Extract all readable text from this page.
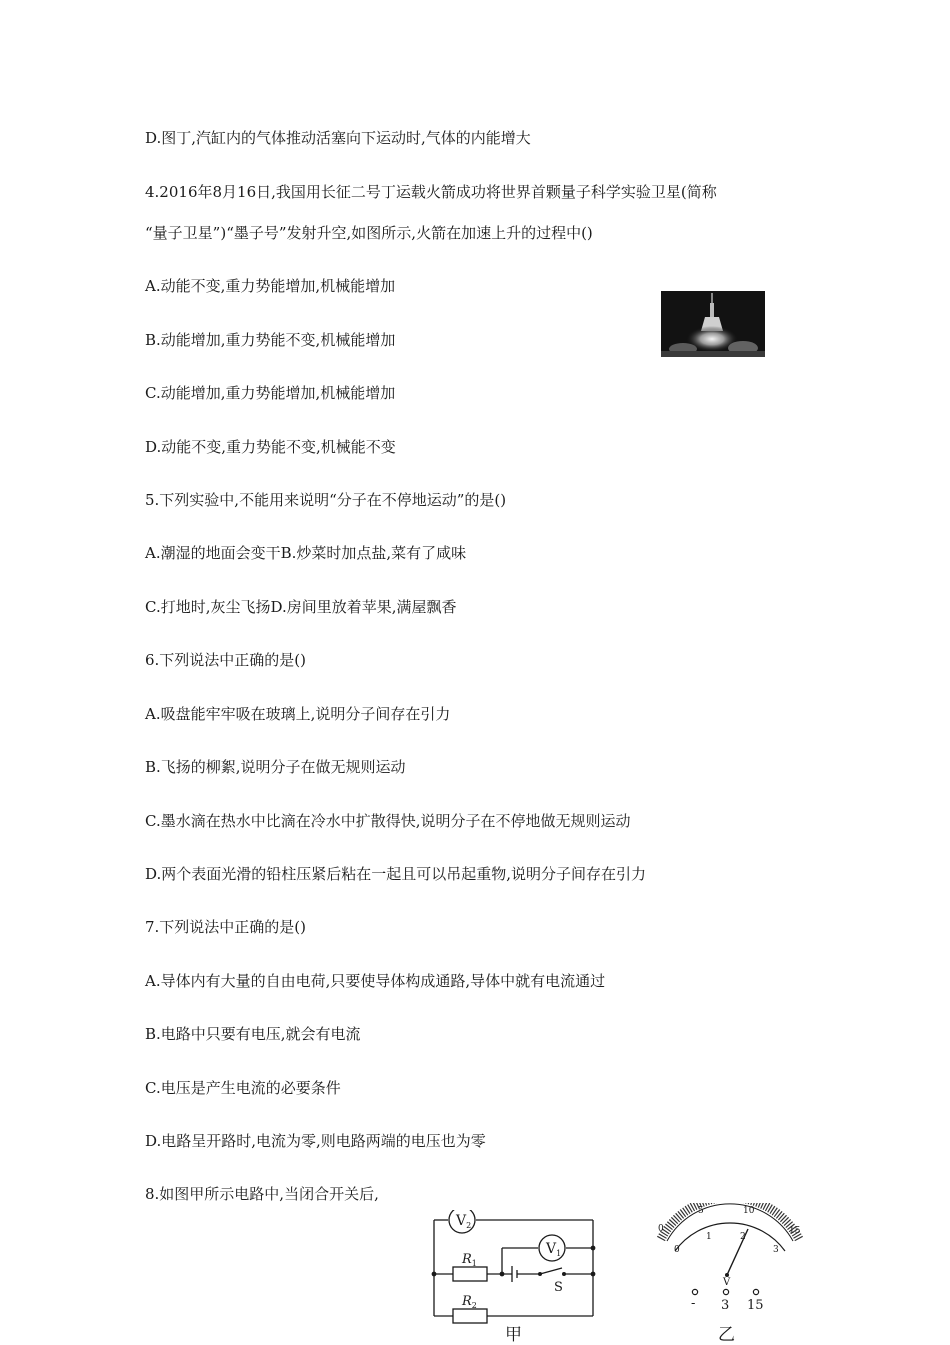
D.图丁,汽缸内的气体推动活塞向下运动时,气体的内能增大
4.2016年8月16日,我国用长征二号丁运载火箭成功将世界首颗量子科学实验卫星(简称
“量子卫星”)“墨子号”发射升空,如图所示,火箭在加速上升的过程中()
A.动能不变,重力势能增加,机械能增加
B.动能增加,重力势能不变,机械能增加
C.动能增加,重力势能增加,机械能增加
D.动能不变,重力势能不变,机械能不变
5.下列实验中,不能用来说明“分子在不停地运动”的是()
A.潮湿的地面会变干B.炒菜时加点盐,菜有了咸味
C.打地时,灰尘飞扬D.房间里放着苹果,满屋飘香
6.下列说法中正确的是()
A.吸盘能牢牢吸在玻璃上,说明分子间存在引力
B.飞扬的柳絮,说明分子在做无规则运动
C.墨水滴在热水中比滴在冷水中扩散得快,说明分子在不停地做无规则运动
D.两个表面光滑的铅柱压紧后粘在一起且可以吊起重物,说明分子间存在引力
7.下列说法中正确的是()
A.导体内有大量的自由电荷,只要使导体构成通路,导体中就有电流通过
B.电路中只要有电压,就会有电流
C.电压是产生电流的必要条件
D.电路呈开路时,电流为零,则电路两端的电压也为零
8.如图甲所示电路中,当闭合开关后,
$V_2$
$V_1$
$R_1$
$R_2$
S
甲
0
5	10
15
0
1	2
3
V
- 3 15
乙
